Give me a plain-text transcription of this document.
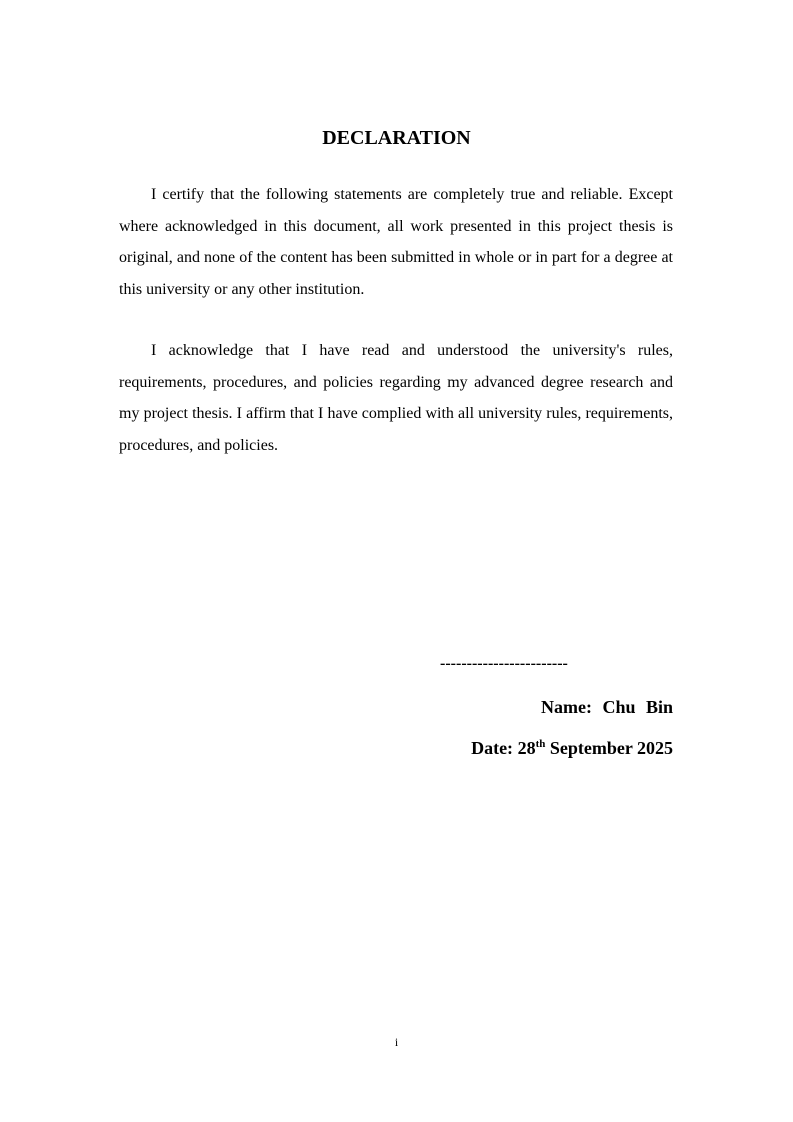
DECLARATION

I certify that the following statements are completely true and reliable. Except where acknowledged in this document, all work presented in this project thesis is original, and none of the content has been submitted in whole or in part for a degree at this university or any other institution.

I acknowledge that I have read and understood the university's rules, requirements, procedures, and policies regarding my advanced degree research and my project thesis. I affirm that I have complied with all university rules, requirements, procedures, and policies.

------------------------

Name: Chu Bin

Date: 28th September 2025

i
